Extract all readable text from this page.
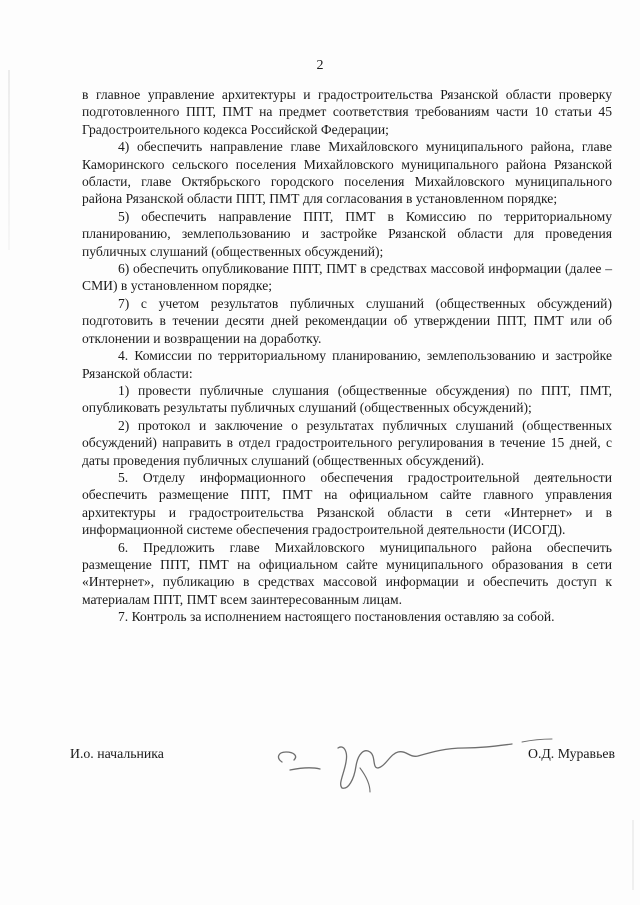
2

в главное управление архитектуры и градостроительства Рязанской области проверку подготовленного ППТ, ПМТ на предмет соответствия требованиям части 10 статьи 45 Градостроительного кодекса Российской Федерации;

4) обеспечить направление главе Михайловского муниципального района, главе Каморинского сельского поселения Михайловского муниципального района Рязанской области, главе Октябрьского городского поселения Михайловского муниципального района Рязанской области ППТ, ПМТ для согласования в установленном порядке;

5) обеспечить направление ППТ, ПМТ в Комиссию по территориальному планированию, землепользованию и застройке Рязанской области для проведения публичных слушаний (общественных обсуждений);

6) обеспечить опубликование ППТ, ПМТ в средствах массовой информации (далее – СМИ) в установленном порядке;

7) с учетом результатов публичных слушаний (общественных обсуждений) подготовить в течении десяти дней рекомендации об утверждении ППТ, ПМТ или об отклонении и возвращении на доработку.

4. Комиссии по территориальному планированию, землепользованию и застройке Рязанской области:

1) провести публичные слушания (общественные обсуждения) по ППТ, ПМТ, опубликовать результаты публичных слушаний (общественных обсуждений);

2) протокол и заключение о результатах публичных слушаний (общественных обсуждений) направить в отдел градостроительного регулирования в течение 15 дней, с даты проведения публичных слушаний (общественных обсуждений).

5. Отделу информационного обеспечения градостроительной деятельности обеспечить размещение ППТ, ПМТ на официальном сайте главного управления архитектуры и градостроительства Рязанской области в сети «Интернет» и в информационной системе обеспечения градостроительной деятельности (ИСОГД).

6. Предложить главе Михайловского муниципального района обеспечить размещение ППТ, ПМТ на официальном сайте муниципального образования в сети «Интернет», публикацию в средствах массовой информации и обеспечить доступ к материалам ППТ, ПМТ всем заинтересованным лицам.

7. Контроль за исполнением настоящего постановления оставляю за собой.

И.о. начальника	О.Д. Муравьев
